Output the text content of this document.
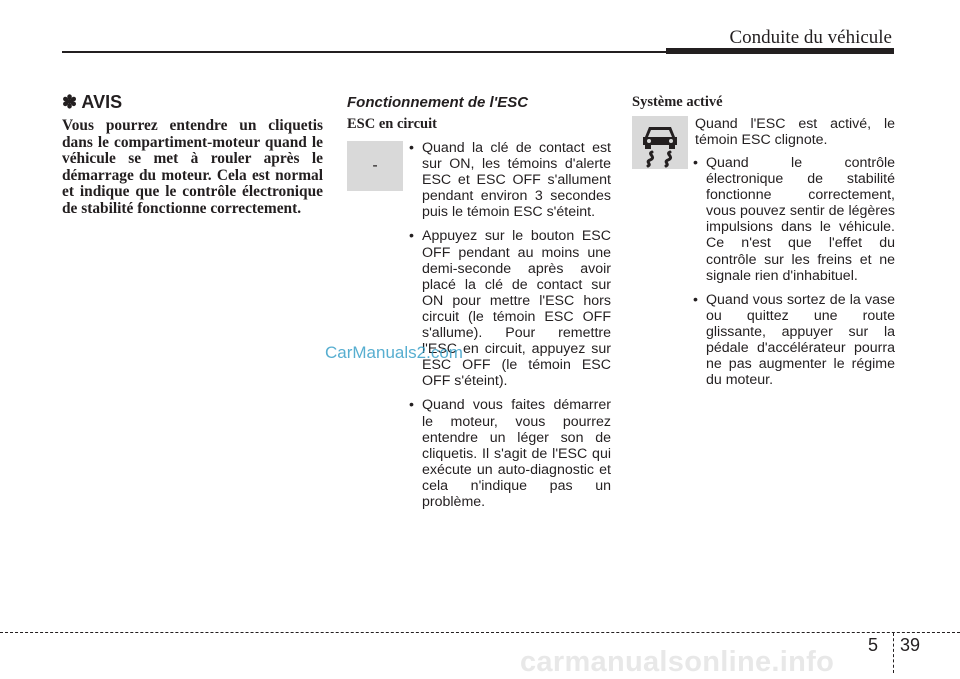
Conduite du véhicule
✽ AVIS
Vous pourrez entendre un cliquetis dans le compartiment-moteur quand le véhicule se met à rouler après le démarrage du moteur. Cela est normal et indique que le contrôle électronique de stabilité fonctionne correctement.
Fonctionnement de l'ESC
ESC en circuit
-
• Quand la clé de contact est sur ON, les témoins d'alerte ESC et ESC OFF s'allument pendant environ 3 secondes puis le témoin ESC s'éteint.
• Appuyez sur le bouton ESC OFF pendant au moins une demi-seconde après avoir placé la clé de contact sur ON pour mettre l'ESC hors circuit (le témoin ESC OFF s'allume). Pour remettre l'ESC en circuit, appuyez sur ESC OFF (le témoin ESC OFF s'éteint).
• Quand vous faites démarrer le moteur, vous pourrez entendre un léger son de cliquetis. Il s'agit de l'ESC qui exécute un auto-diagnostic et cela n'indique pas un problème.
Système activé
Quand l'ESC est activé, le témoin ESC clignote.
• Quand le contrôle électronique de stabilité fonctionne correctement, vous pouvez sentir de légères impulsions dans le véhicule. Ce n'est que l'effet du contrôle sur les freins et ne signale rien d'inhabituel.
• Quand vous sortez de la vase ou quittez une route glissante, appuyer sur la pédale d'accélérateur pourra ne pas augmenter le régime du moteur.
CarManuals2.com
5 39
carmanualsonline.info
